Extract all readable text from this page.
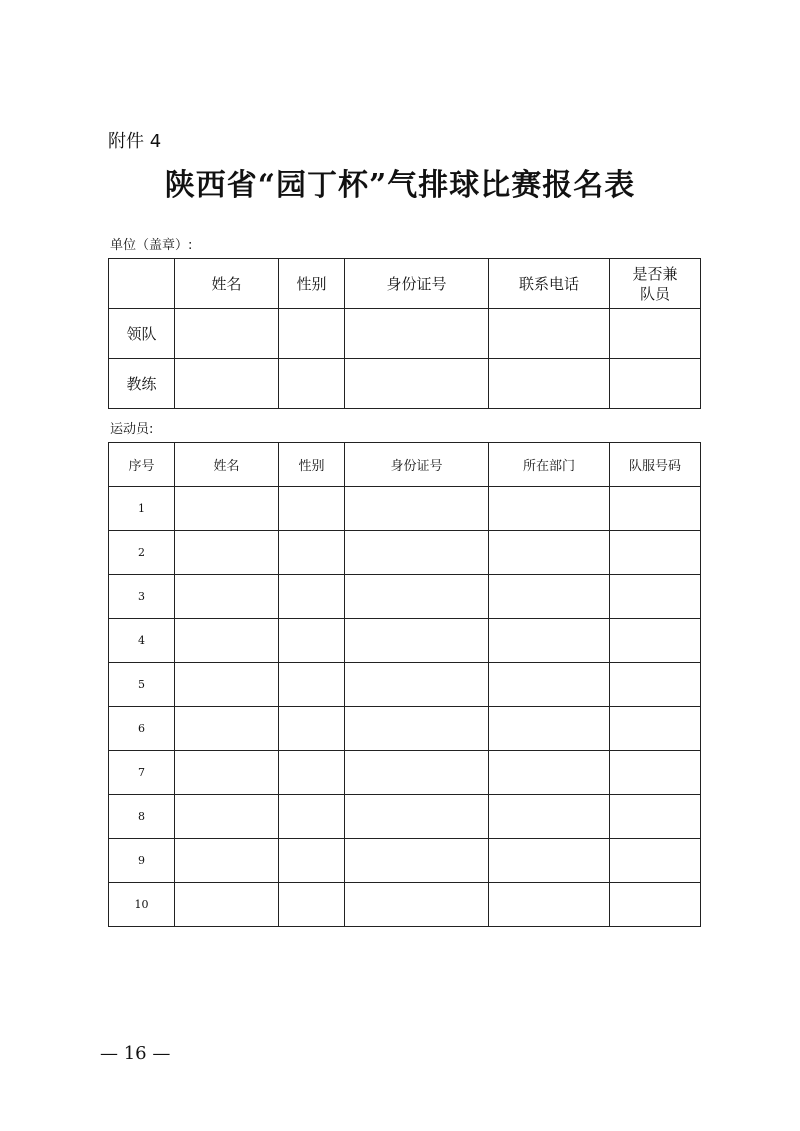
附件 4
陕西省“园丁杯”气排球比赛报名表
单位（盖章）:
	姓名	性别	身份证号	联系电话	是否兼
队员

领队					
教练					
运动员:
序号	姓名	性别	身份证号	所在部门	队服号码
1					
2					
3					
4					
5					
6					
7					
8					
9					
10					
— 16 —
